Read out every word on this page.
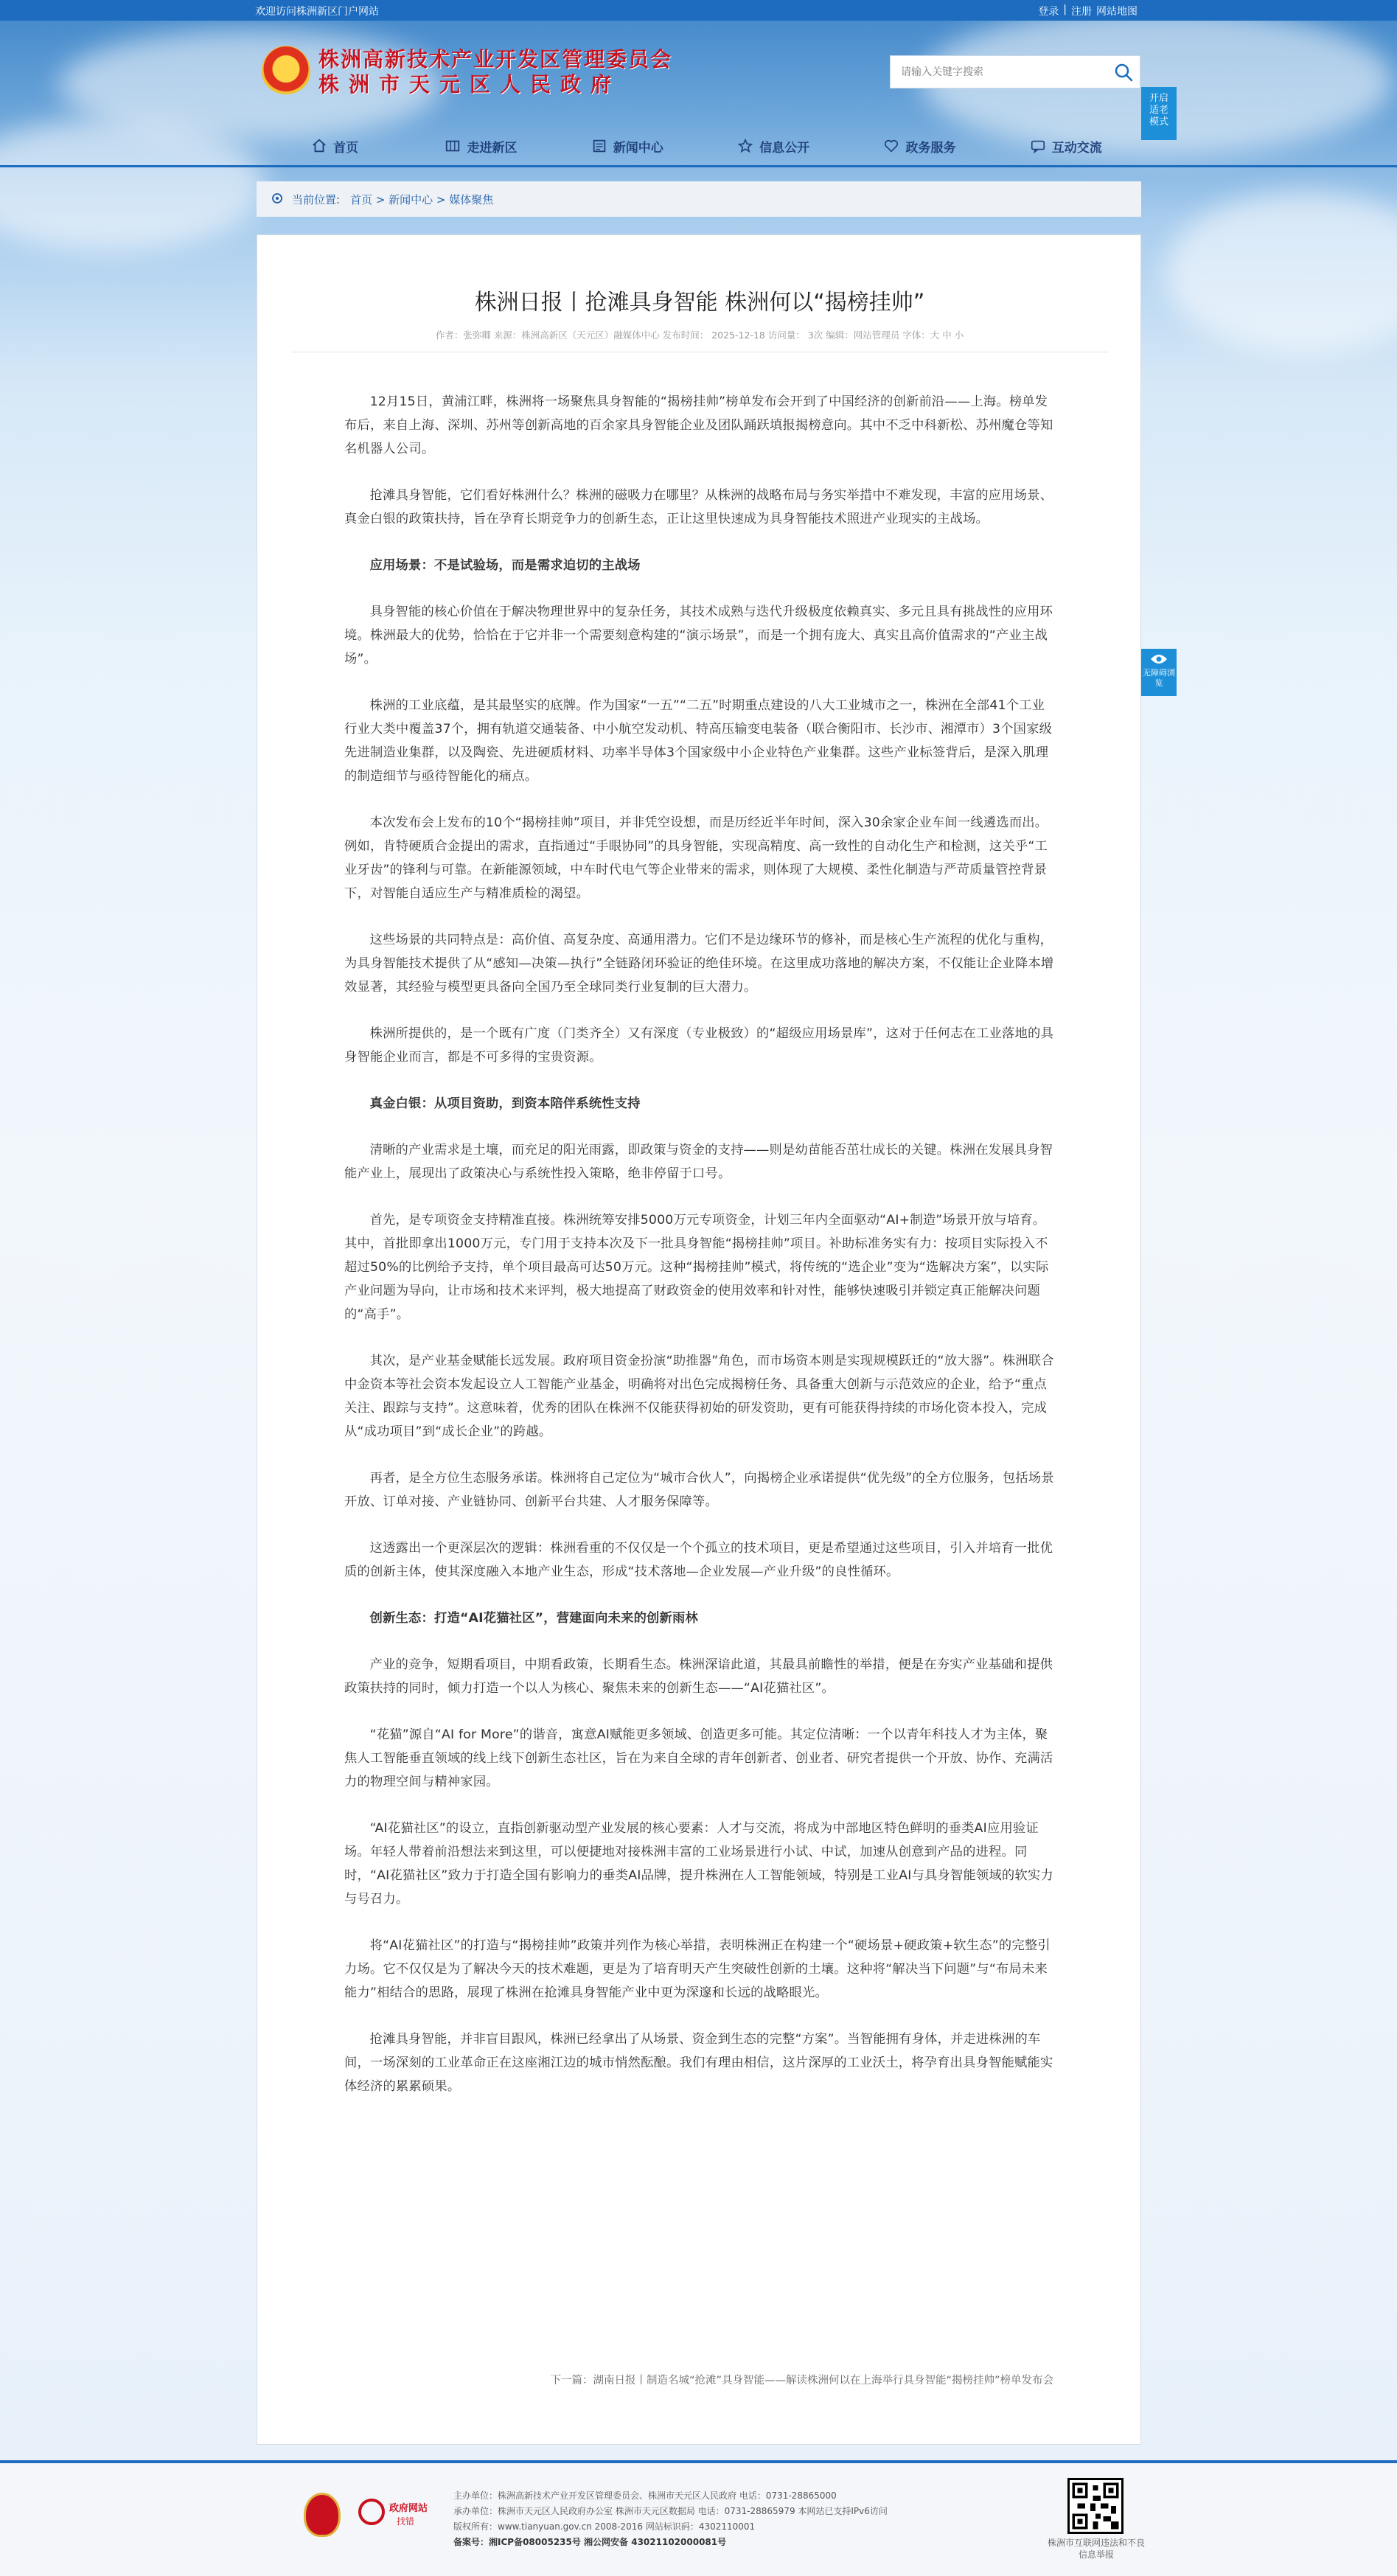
欢迎访问株洲新区门户网站	登录 | 注册 网站地图
株洲高新技术产业开发区管理委员会
株洲市天元区人民政府
请输入关键字搜索
开启适老模式
首页	走进新区	新闻中心	信息公开	政务服务	互动交流
当前位置: 首页 > 新闻中心 > 媒体聚焦
株洲日报丨抢滩具身智能 株洲何以“揭榜挂帅”
作者：张弥卿 来源：株洲高新区（天元区）融媒体中心 发布时间： 2025-12-18 访问量： 3次 编辑：网站管理员 字体：大 中 小

12月15日，黄浦江畔，株洲将一场聚焦具身智能的“揭榜挂帅”榜单发布会开到了中国经济的创新前沿——上海。榜单发布后，来自上海、深圳、苏州等创新高地的百余家具身智能企业及团队踊跃填报揭榜意向。其中不乏中科新松、苏州魔仓等知名机器人公司。

抢滩具身智能，它们看好株洲什么？株洲的磁吸力在哪里？从株洲的战略布局与务实举措中不难发现，丰富的应用场景、真金白银的政策扶持，旨在孕育长期竞争力的创新生态，正让这里快速成为具身智能技术照进产业现实的主战场。

应用场景：不是试验场，而是需求迫切的主战场

具身智能的核心价值在于解决物理世界中的复杂任务，其技术成熟与迭代升级极度依赖真实、多元且具有挑战性的应用环境。株洲最大的优势，恰恰在于它并非一个需要刻意构建的“演示场景”，而是一个拥有庞大、真实且高价值需求的“产业主战场”。

株洲的工业底蕴，是其最坚实的底牌。作为国家“一五”“二五”时期重点建设的八大工业城市之一，株洲在全部41个工业行业大类中覆盖37个，拥有轨道交通装备、中小航空发动机、特高压输变电装备（联合衡阳市、长沙市、湘潭市）3个国家级先进制造业集群，以及陶瓷、先进硬质材料、功率半导体3个国家级中小企业特色产业集群。这些产业标签背后，是深入肌理的制造细节与亟待智能化的痛点。

本次发布会上发布的10个“揭榜挂帅”项目，并非凭空设想，而是历经近半年时间，深入30余家企业车间一线遴选而出。例如，肯特硬质合金提出的需求，直指通过“手眼协同”的具身智能，实现高精度、高一致性的自动化生产和检测，这关乎“工业牙齿”的锋利与可靠。在新能源领域，中车时代电气等企业带来的需求，则体现了大规模、柔性化制造与严苛质量管控背景下，对智能自适应生产与精准质检的渴望。

这些场景的共同特点是：高价值、高复杂度、高通用潜力。它们不是边缘环节的修补，而是核心生产流程的优化与重构，为具身智能技术提供了从“感知—决策—执行”全链路闭环验证的绝佳环境。在这里成功落地的解决方案，不仅能让企业降本增效显著，其经验与模型更具备向全国乃至全球同类行业复制的巨大潜力。

株洲所提供的，是一个既有广度（门类齐全）又有深度（专业极致）的“超级应用场景库”，这对于任何志在工业落地的具身智能企业而言，都是不可多得的宝贵资源。

真金白银：从项目资助，到资本陪伴系统性支持

清晰的产业需求是土壤，而充足的阳光雨露，即政策与资金的支持——则是幼苗能否茁壮成长的关键。株洲在发展具身智能产业上，展现出了政策决心与系统性投入策略，绝非停留于口号。

首先，是专项资金支持精准直接。株洲统筹安排5000万元专项资金，计划三年内全面驱动“AI+制造”场景开放与培育。其中，首批即拿出1000万元，专门用于支持本次及下一批具身智能“揭榜挂帅”项目。补助标准务实有力：按项目实际投入不超过50%的比例给予支持，单个项目最高可达50万元。这种“揭榜挂帅”模式，将传统的“选企业”变为“选解决方案”，以实际产业问题为导向，让市场和技术来评判，极大地提高了财政资金的使用效率和针对性，能够快速吸引并锁定真正能解决问题的“高手”。

其次，是产业基金赋能长远发展。政府项目资金扮演“助推器”角色，而市场资本则是实现规模跃迁的“放大器”。株洲联合中金资本等社会资本发起设立人工智能产业基金，明确将对出色完成揭榜任务、具备重大创新与示范效应的企业，给予“重点关注、跟踪与支持”。这意味着，优秀的团队在株洲不仅能获得初始的研发资助，更有可能获得持续的市场化资本投入，完成从“成功项目”到“成长企业”的跨越。

再者，是全方位生态服务承诺。株洲将自己定位为“城市合伙人”，向揭榜企业承诺提供“优先级”的全方位服务，包括场景开放、订单对接、产业链协同、创新平台共建、人才服务保障等。

这透露出一个更深层次的逻辑：株洲看重的不仅仅是一个个孤立的技术项目，更是希望通过这些项目，引入并培育一批优质的创新主体，使其深度融入本地产业生态，形成“技术落地—企业发展—产业升级”的良性循环。

创新生态：打造“AI花猫社区”，营建面向未来的创新雨林

产业的竞争，短期看项目，中期看政策，长期看生态。株洲深谙此道，其最具前瞻性的举措，便是在夯实产业基础和提供政策扶持的同时，倾力打造一个以人为核心、聚焦未来的创新生态——“AI花猫社区”。

“花猫”源自“AI for More”的谐音，寓意AI赋能更多领域、创造更多可能。其定位清晰：一个以青年科技人才为主体，聚焦人工智能垂直领域的线上线下创新生态社区，旨在为来自全球的青年创新者、创业者、研究者提供一个开放、协作、充满活力的物理空间与精神家园。

“AI花猫社区”的设立，直指创新驱动型产业发展的核心要素：人才与交流，将成为中部地区特色鲜明的垂类AI应用验证场。年轻人带着前沿想法来到这里，可以便捷地对接株洲丰富的工业场景进行小试、中试，加速从创意到产品的进程。同时，“AI花猫社区”致力于打造全国有影响力的垂类AI品牌，提升株洲在人工智能领域，特别是工业AI与具身智能领域的软实力与号召力。

将“AI花猫社区”的打造与“揭榜挂帅”政策并列作为核心举措，表明株洲正在构建一个“硬场景+硬政策+软生态”的完整引力场。它不仅仅是为了解决今天的技术难题，更是为了培育明天产生突破性创新的土壤。这种将“解决当下问题”与“布局未来能力”相结合的思路，展现了株洲在抢滩具身智能产业中更为深邃和长远的战略眼光。

抢滩具身智能，并非盲目跟风，株洲已经拿出了从场景、资金到生态的完整“方案”。当智能拥有身体，并走进株洲的车间，一场深刻的工业革命正在这座湘江边的城市悄然酝酿。我们有理由相信，这片深厚的工业沃土，将孕育出具身智能赋能实体经济的累累硕果。

下一篇：湖南日报丨制造名城“抢滩”具身智能——解读株洲何以在上海举行具身智能“揭榜挂帅”榜单发布会
无障碍浏览
政府网站
找错
主办单位：株洲高新技术产业开发区管理委员会、株洲市天元区人民政府 电话：0731-28865000
承办单位：株洲市天元区人民政府办公室 株洲市天元区数据局 电话：0731-28865979 本网站已支持IPv6访问
版权所有：www.tianyuan.gov.cn 2008-2016 网站标识码：4302110001
备案号：湘ICP备08005235号 湘公网安备 43021102000081号	株洲市互联网违法和不良信息举报
